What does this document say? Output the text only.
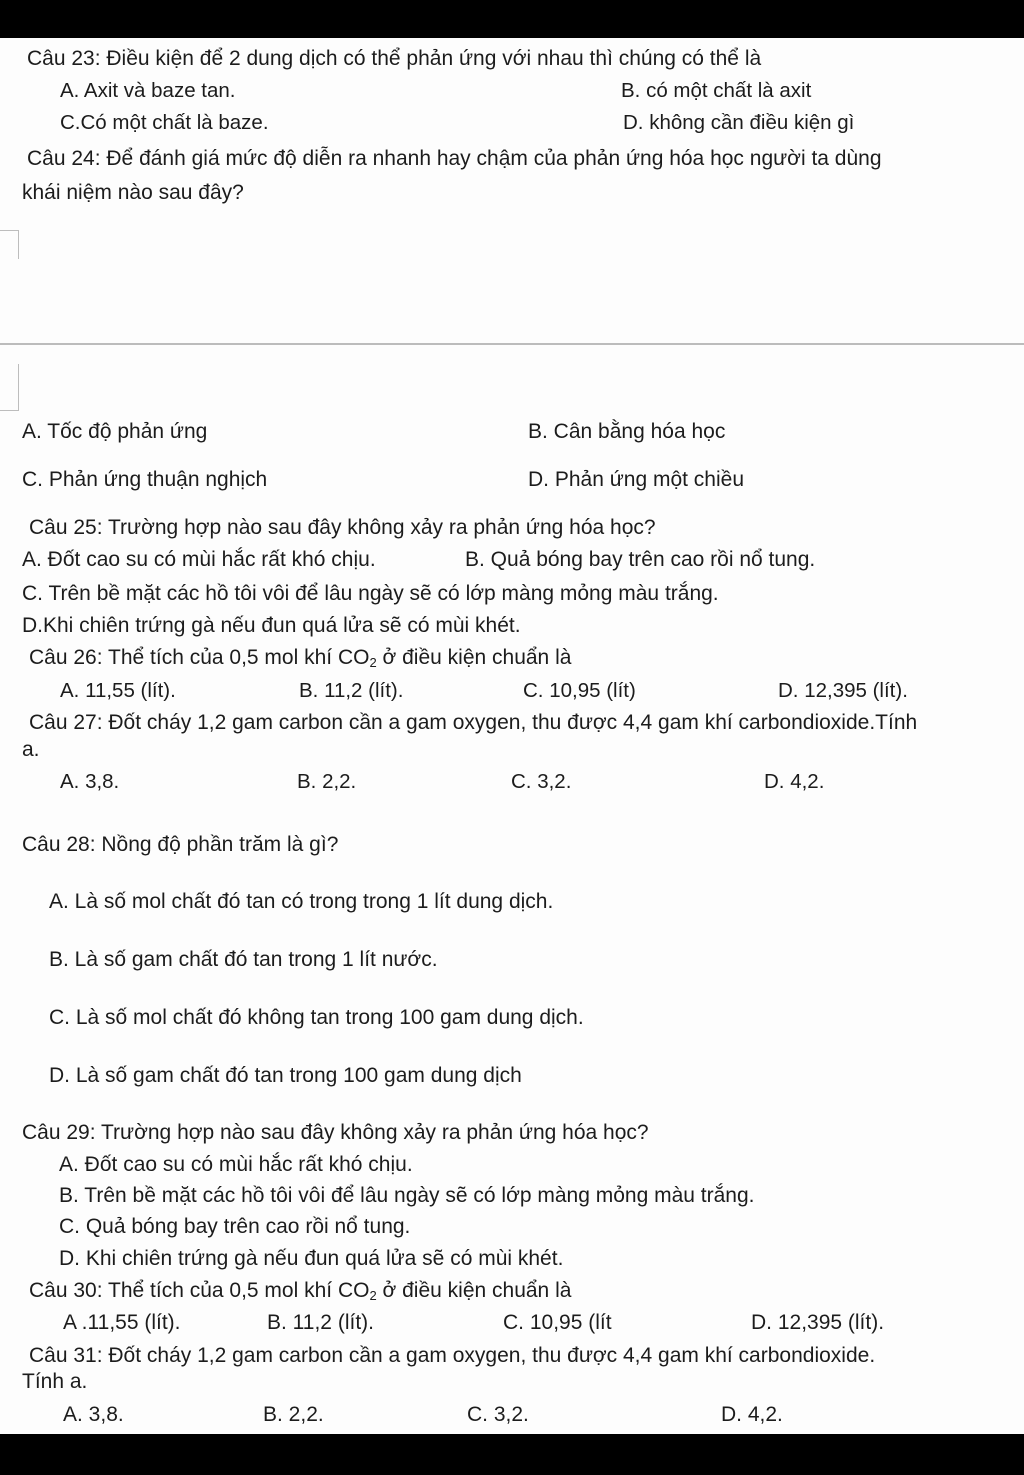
Câu 23: Điều kiện để 2 dung dịch có thể phản ứng với nhau thì chúng có thể là
A. Axit và baze tan.	B. có một chất là axit
C.Có một chất là baze.	D. không cần điều kiện gì
Câu 24: Để đánh giá mức độ diễn ra nhanh hay chậm của phản ứng hóa học người ta dùng
khái niệm nào sau đây?
A. Tốc độ phản ứng	B. Cân bằng hóa học
C. Phản ứng thuận nghịch	D. Phản ứng một chiều
Câu 25: Trường hợp nào sau đây không xảy ra phản ứng hóa học?
A. Đốt cao su có mùi hắc rất khó chịu.	B. Quả bóng bay trên cao rồi nổ tung.
C. Trên bề mặt các hồ tôi vôi để lâu ngày sẽ có lớp màng mỏng màu trắng.
D.Khi chiên trứng gà nếu đun quá lửa sẽ có mùi khét.
Câu 26: Thể tích của 0,5 mol khí $CO_2$ ở điều kiện chuẩn là
A. 11,55 (lít).	B. 11,2 (lít).	C. 10,95 (lít)	D. 12,395 (lít).
Câu 27: Đốt cháy 1,2 gam carbon cần a gam oxygen, thu được 4,4 gam khí carbondioxide.Tính
a.
A. 3,8.	B. 2,2.	C. 3,2.	D. 4,2.
Câu 28: Nồng độ phần trăm là gì?
A. Là số mol chất đó tan có trong trong 1 lít dung dịch.
B. Là số gam chất đó tan trong 1 lít nước.
C. Là số mol chất đó không tan trong 100 gam dung dịch.
D. Là số gam chất đó tan trong 100 gam dung dịch
Câu 29: Trường hợp nào sau đây không xảy ra phản ứng hóa học?
A. Đốt cao su có mùi hắc rất khó chịu.
B. Trên bề mặt các hồ tôi vôi để lâu ngày sẽ có lớp màng mỏng màu trắng.
C. Quả bóng bay trên cao rồi nổ tung.
D. Khi chiên trứng gà nếu đun quá lửa sẽ có mùi khét.
Câu 30: Thể tích của 0,5 mol khí $CO_2$ ở điều kiện chuẩn là
A .11,55 (lít).	B. 11,2 (lít).	C. 10,95 (lít	D. 12,395 (lít).
Câu 31: Đốt cháy 1,2 gam carbon cần a gam oxygen, thu được 4,4 gam khí carbondioxide.
Tính a.
A. 3,8.	B. 2,2.	C. 3,2.	D. 4,2.
